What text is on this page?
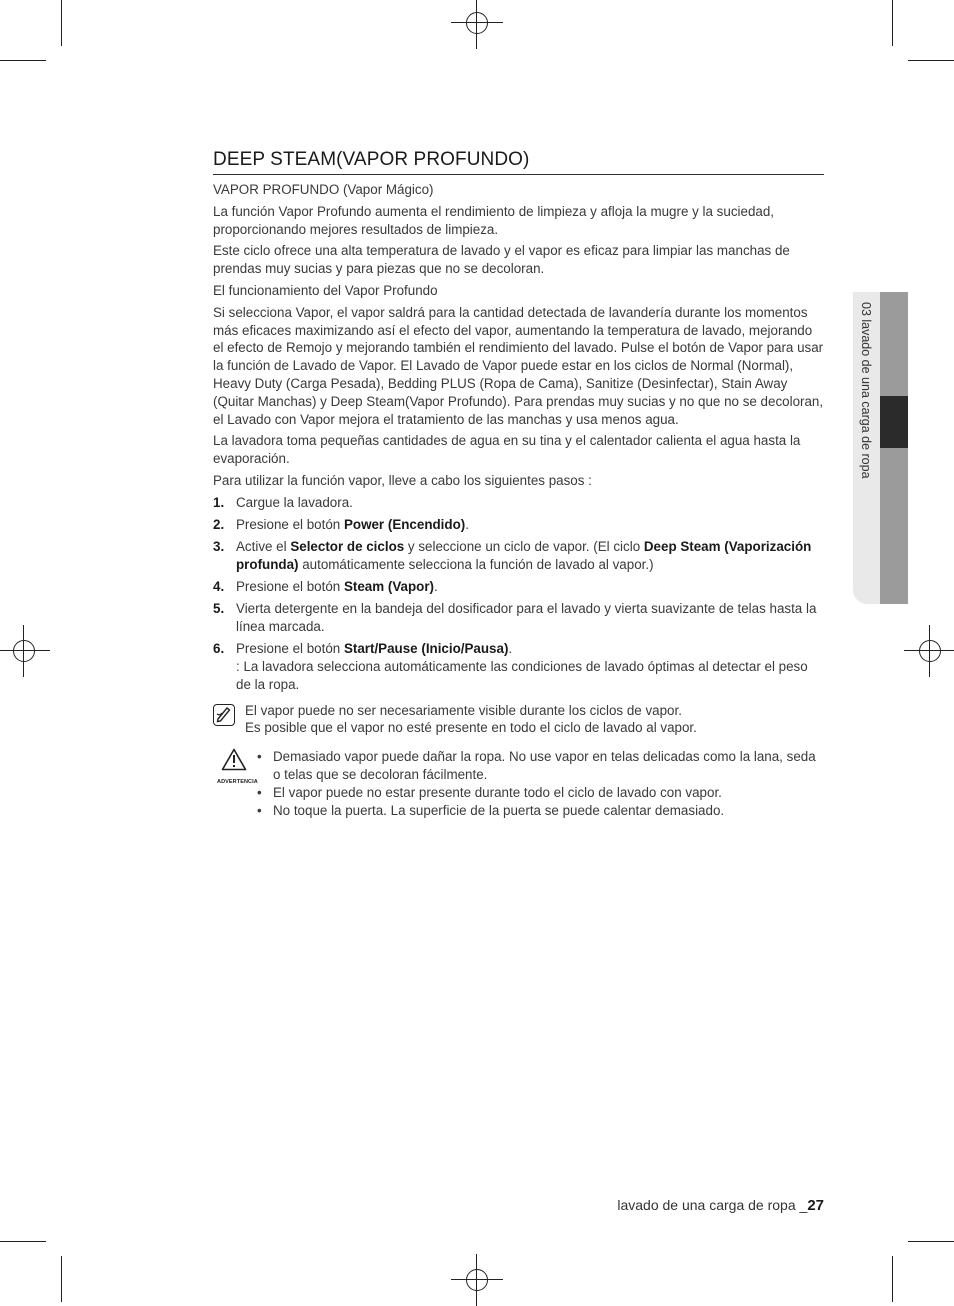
03 lavado de una carga de ropa
DEEP STEAM(VAPOR PROFUNDO)

VAPOR PROFUNDO (Vapor Mágico)

La función Vapor Profundo aumenta el rendimiento de limpieza y afloja la mugre y la suciedad, proporcionando mejores resultados de limpieza.

Este ciclo ofrece una alta temperatura de lavado y el vapor es eficaz para limpiar las manchas de prendas muy sucias y para piezas que no se decoloran.

El funcionamiento del Vapor Profundo

Si selecciona Vapor, el vapor saldrá para la cantidad detectada de lavandería durante los momentos más eficaces maximizando así el efecto del vapor, aumentando la temperatura de lavado, mejorando el efecto de Remojo y mejorando también el rendimiento del lavado. Pulse el botón de Vapor para usar la función de Lavado de Vapor. El Lavado de Vapor puede estar en los ciclos de Normal (Normal), Heavy Duty (Carga Pesada), Bedding PLUS (Ropa de Cama), Sanitize (Desinfectar), Stain Away (Quitar Manchas) y Deep Steam(Vapor Profundo). Para prendas muy sucias y no que no se decoloran, el Lavado con Vapor mejora el tratamiento de las manchas y usa menos agua.

La lavadora toma pequeñas cantidades de agua en su tina y el calentador calienta el agua hasta la evaporación.

Para utilizar la función vapor, lleve a cabo los siguientes pasos :

1. Cargue la lavadora.
2. Presione el botón Power (Encendido).
3. Active el Selector de ciclos y seleccione un ciclo de vapor. (El ciclo Deep Steam (Vaporización profunda) automáticamente selecciona la función de lavado al vapor.)
4. Presione el botón Steam (Vapor).
5. Vierta detergente en la bandeja del dosificador para el lavado y vierta suavizante de telas hasta la línea marcada.
6. Presione el botón Start/Pause (Inicio/Pausa).
: La lavadora selecciona automáticamente las condiciones de lavado óptimas al detectar el peso de la ropa.
El vapor puede no ser necesariamente visible durante los ciclos de vapor.
Es posible que el vapor no esté presente en todo el ciclo de lavado al vapor.
ADVERTENCIA
• Demasiado vapor puede dañar la ropa. No use vapor en telas delicadas como la lana, seda o telas que se decoloran fácilmente.
• El vapor puede no estar presente durante todo el ciclo de lavado con vapor.
• No toque la puerta. La superficie de la puerta se puede calentar demasiado.
lavado de una carga de ropa _27
